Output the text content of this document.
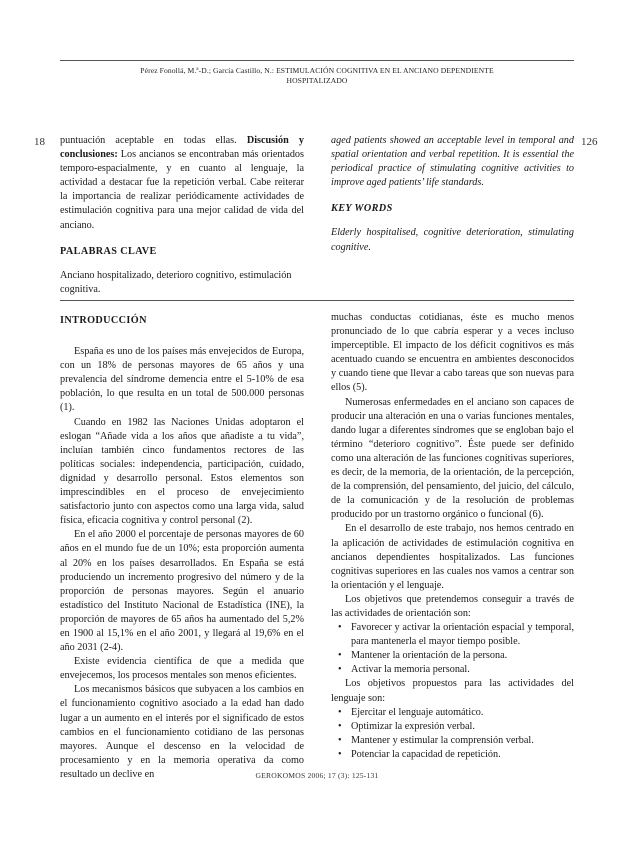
Pérez Fonollá, M.ª-D.; García Castillo, N.: ESTIMULACIÓN COGNITIVA EN EL ANCIANO DEPENDIENTE
HOSPITALIZADO
18	126

puntuación aceptable en todas ellas. Discusión y conclusiones: Los ancianos se encontraban más orientados temporo-espacialmente, y en cuanto al lenguaje, la actividad a destacar fue la repetición verbal. Cabe reiterar la importancia de realizar periódicamente actividades de estimulación cognitiva para una mejor calidad de vida del anciano.

PALABRAS CLAVE

Anciano hospitalizado, deterioro cognitivo, estimulación cognitiva.

aged patients showed an acceptable level in temporal and spatial orientation and verbal repetition. It is essential the periodical practice of stimulating cognitive activities to improve aged patients’ life standards.

KEY WORDS

Elderly hospitalised, cognitive deterioration, stimulating cognitive.

INTRODUCCIÓN

España es uno de los países más envejecidos de Europa, con un 18% de personas mayores de 65 años y una prevalencia del síndrome demencia entre el 5-10% de esa población, lo que resulta en un total de 500.000 personas (1).

Cuando en 1982 las Naciones Unidas adoptaron el eslogan “Añade vida a los años que añadiste a tu vida”, incluían también cinco fundamentos rectores de las políticas sociales: independencia, participación, cuidado, dignidad y desarrollo personal. Estos elementos son imprescindibles en el proceso de envejecimiento satisfactorio junto con aspectos como una larga vida, salud física, eficacia cognitiva y control personal (2).

En el año 2000 el porcentaje de personas mayores de 60 años en el mundo fue de un 10%; esta proporción aumenta al 20% en los países desarrollados. En España se está produciendo un incremento progresivo del número y de la proporción de personas mayores. Según el anuario estadístico del Instituto Nacional de Estadística (INE), la proporción de mayores de 65 años ha aumentado del 5,2% en 1900 al 15,1% en el año 2001, y llegará al 19,6% en el año 2031 (2-4).

Existe evidencia científica de que a medida que envejecemos, los procesos mentales son menos eficientes.

Los mecanismos básicos que subyacen a los cambios en el funcionamiento cognitivo asociado a la edad han dado lugar a un aumento en el interés por el significado de estos cambios en el funcionamiento cotidiano de las personas mayores. Aunque el descenso en la velocidad de procesamiento y en la memoria operativa da como resultado un declive en

muchas conductas cotidianas, éste es mucho menos pronunciado de lo que cabría esperar y a veces incluso imperceptible. El impacto de los déficit cognitivos es más acentuado cuando se encuentra en ambientes desconocidos y cuando tiene que llevar a cabo tareas que son nuevas para ellos (5).

Numerosas enfermedades en el anciano son capaces de producir una alteración en una o varias funciones mentales, dando lugar a diferentes síndromes que se engloban bajo el término “deterioro cognitivo”. Éste puede ser definido como una alteración de las funciones cognitivas superiores, es decir, de la memoria, de la orientación, de la percepción, de la comprensión, del pensamiento, del juicio, del cálculo, de la comunicación y de la resolución de problemas producido por un trastorno orgánico o funcional (6).

En el desarrollo de este trabajo, nos hemos centrado en la aplicación de actividades de estimulación cognitiva en ancianos dependientes hospitalizados. Las funciones cognitivas superiores en las cuales nos vamos a centrar son la orientación y el lenguaje.

Los objetivos que pretendemos conseguir a través de las actividades de orientación son:

• Favorecer y activar la orientación espacial y temporal, para mantenerla el mayor tiempo posible.
• Mantener la orientación de la persona.
• Activar la memoria personal.

Los objetivos propuestos para las actividades del lenguaje son:

• Ejercitar el lenguaje automático.
• Optimizar la expresión verbal.
• Mantener y estimular la comprensión verbal.
• Potenciar la capacidad de repetición.
GEROKOMOS 2006; 17 (3): 125-131
